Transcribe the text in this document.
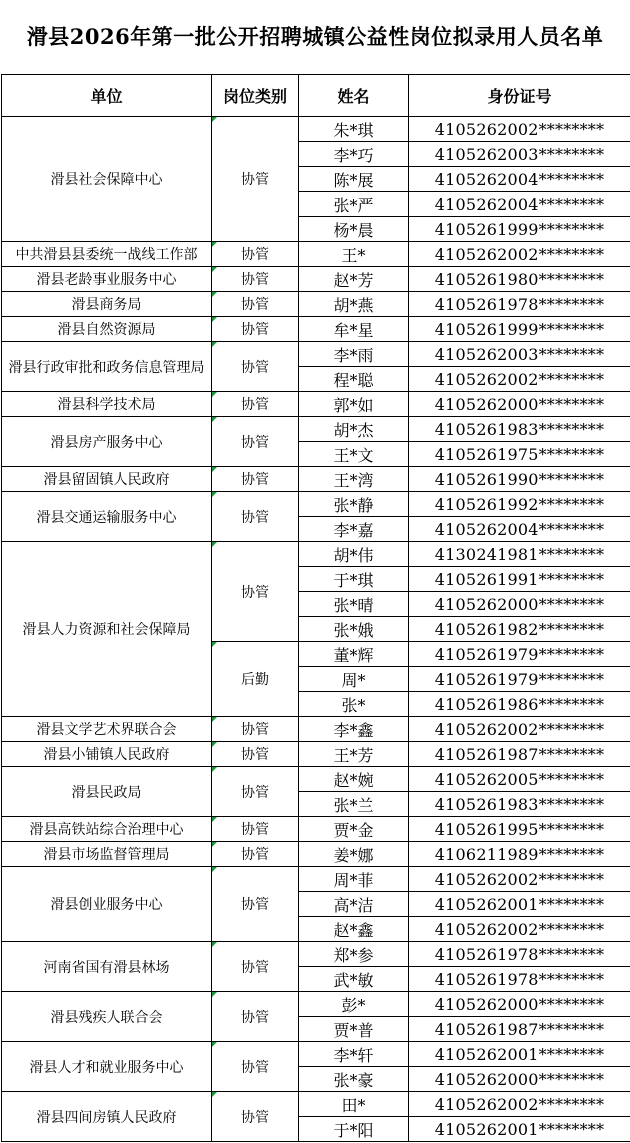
滑县2026年第一批公开招聘城镇公益性岗位拟录用人员名单
单位	岗位类别	姓名	身份证号
滑县社会保障中心	协管	朱*琪	4105262002********
		李*巧	4105262003********
		陈*展	4105262004********
		张*严	4105262004********
		杨*晨	4105261999********
中共滑县县委统一战线工作部	协管	王*	4105262002********
滑县老龄事业服务中心	协管	赵*芳	4105261980********
滑县商务局	协管	胡*燕	4105261978********
滑县自然资源局	协管	牟*星	4105261999********
滑县行政审批和政务信息管理局	协管	李*雨	4105262003********
		程*聪	4105262002********
滑县科学技术局	协管	郭*如	4105262000********
滑县房产服务中心	协管	胡*杰	4105261983********
		王*文	4105261975********
滑县留固镇人民政府	协管	王*湾	4105261990********
滑县交通运输服务中心	协管	张*静	4105261992********
		李*嘉	4105262004********
滑县人力资源和社会保障局	协管	胡*伟	4130241981********
		于*琪	4105261991********
		张*晴	4105262000********
		张*娥	4105261982********
	后勤	董*辉	4105261979********
		周*	4105261979********
		张*	4105261986********
滑县文学艺术界联合会	协管	李*鑫	4105262002********
滑县小铺镇人民政府	协管	王*芳	4105261987********
滑县民政局	协管	赵*婉	4105262005********
		张*兰	4105261983********
滑县高铁站综合治理中心	协管	贾*金	4105261995********
滑县市场监督管理局	协管	姜*娜	4106211989********
滑县创业服务中心	协管	周*菲	4105262002********
		高*洁	4105262001********
		赵*鑫	4105262002********
河南省国有滑县林场	协管	郑*参	4105261978********
		武*敏	4105261978********
滑县残疾人联合会	协管	彭*	4105262000********
		贾*普	4105261987********
滑县人才和就业服务中心	协管	李*轩	4105262001********
		张*豪	4105262000********
滑县四间房镇人民政府	协管	田*	4105262002********
		于*阳	4105262001********
